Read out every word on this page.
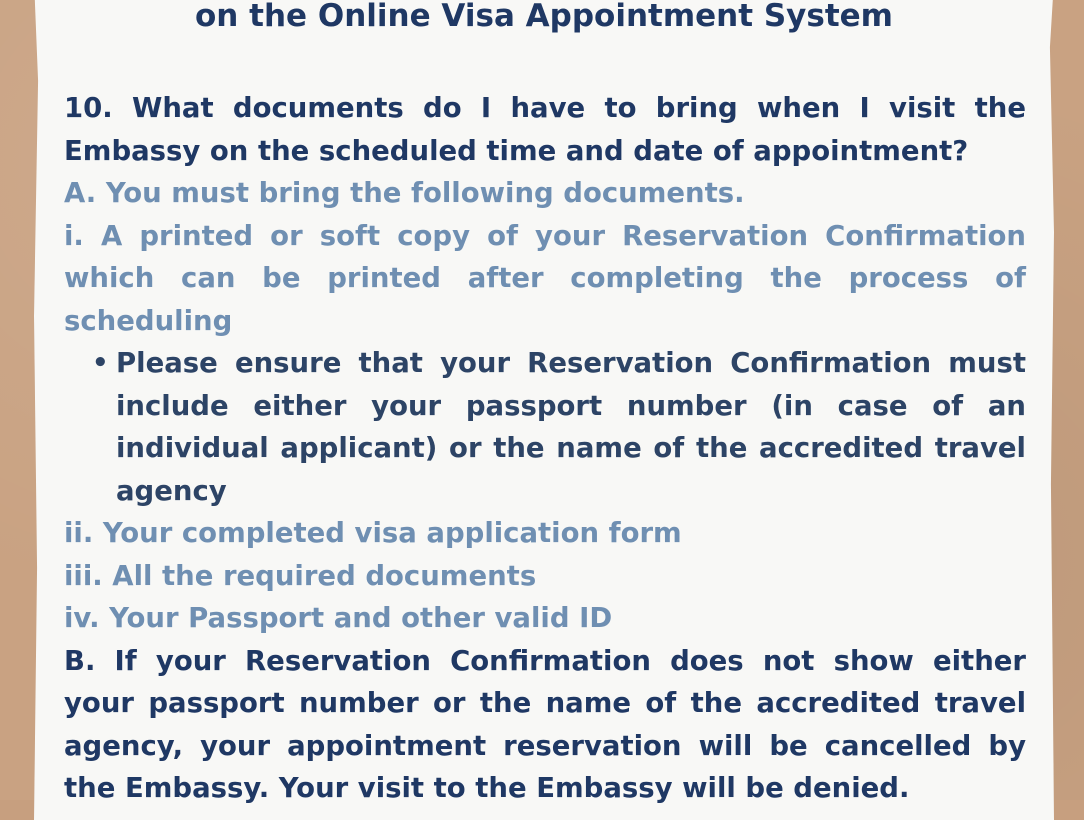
on the Online Visa Appointment System

10. What documents do I have to bring when I visit the Embassy on the scheduled time and date of appointment?

A. You must bring the following documents.

i. A printed or soft copy of your Reservation Confirmation which can be printed after completing the process of scheduling

• Please ensure that your Reservation Confirmation must include either your passport number (in case of an individual applicant) or the name of the accredited travel agency

ii. Your completed visa application form

iii. All the required documents

iv. Your Passport and other valid ID

B. If your Reservation Confirmation does not show either your passport number or the name of the accredited travel agency, your appointment reservation will be cancelled by the Embassy. Your visit to the Embassy will be denied.
